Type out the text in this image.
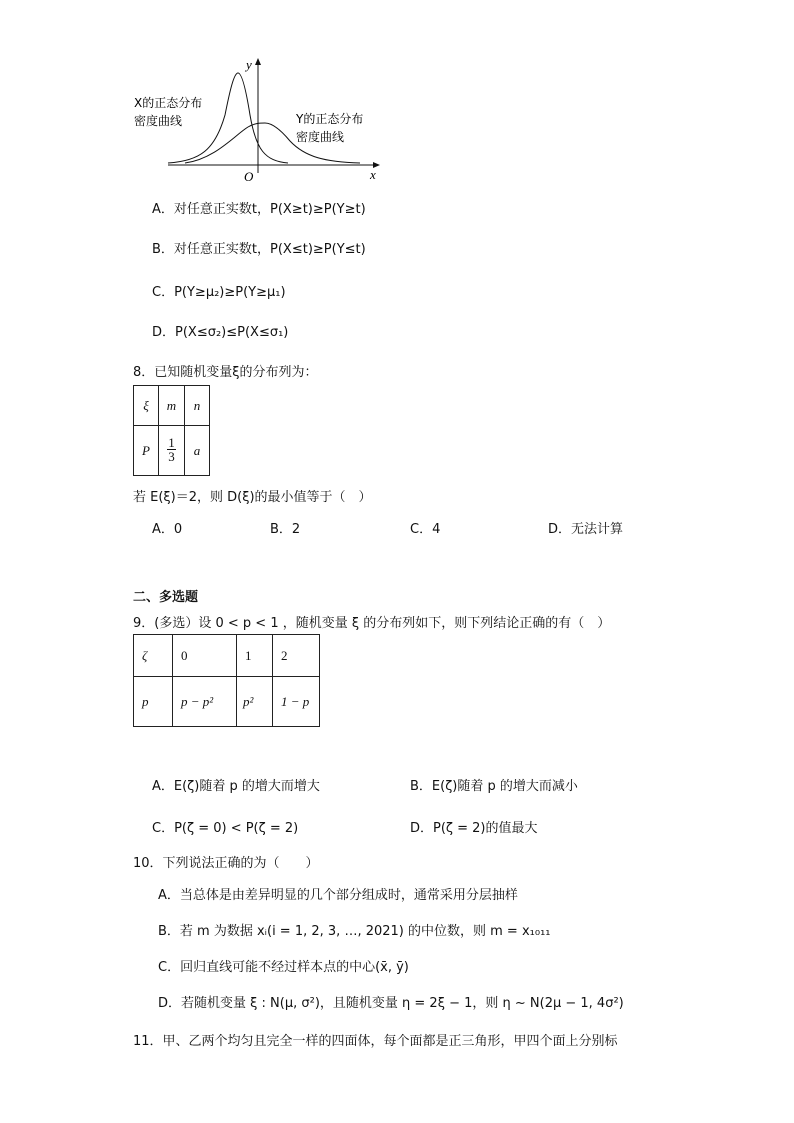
y
x
O
X的正态分布
密度曲线	Y的正态分布
密度曲线
A．对任意正实数t，P(X≥t)≥P(Y≥t)
B．对任意正实数t，P(X≤t)≥P(Y≤t)
C．P(Y≥μ₂)≥P(Y≥μ₁)
D．P(X≤σ₂)≤P(X≤σ₁)
8．已知随机变量ξ的分布列为：
ξ	m	n
P	$\frac{1}{3}$	a
若 E(ξ)＝2，则 D(ξ)的最小值等于（　）
A．0	B．2	C．4	D．无法计算
二、多选题
9．(多选）设 0 < p < 1 ，随机变量 ξ 的分布列如下，则下列结论正确的有（　）
ζ	0	1	2
p	p − p²	p²	1 − p
A．E(ζ)随着 p 的增大而增大	B．E(ζ)随着 p 的增大而减小
C．P(ζ = 0) < P(ζ = 2)	D．P(ζ = 2)的值最大
10．下列说法正确的为（　　）
A．当总体是由差异明显的几个部分组成时，通常采用分层抽样
B．若 m 为数据 xᵢ(i = 1, 2, 3, …, 2021) 的中位数，则 m = x₁₀₁₁
C．回归直线可能不经过样本点的中心(x̄, ȳ)
D．若随机变量 ξ : N(μ, σ²)，且随机变量 η = 2ξ − 1，则 η ~ N(2μ − 1, 4σ²)
11．甲、乙两个均匀且完全一样的四面体，每个面都是正三角形，甲四个面上分别标
